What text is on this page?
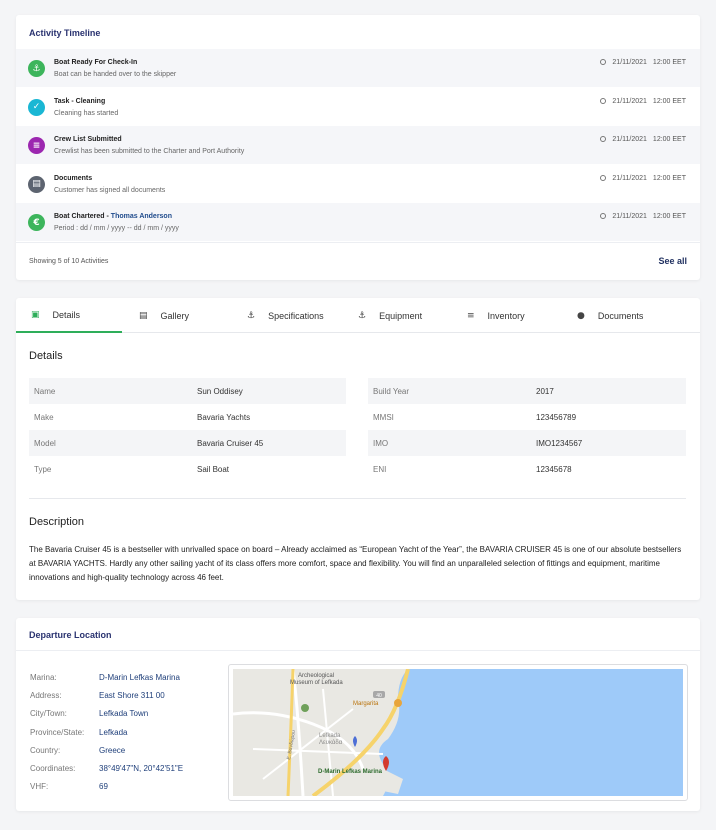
Activity Timeline
⚓
Boat Ready For Check-In
Boat can be handed over to the skipper
21/11/2021 12:00 EET
✓
Task - Cleaning
Cleaning has started
21/11/2021 12:00 EET
≡
Crew List Submitted
Crewlist has been submitted to the Charter and Port Authority
21/11/2021 12:00 EET
▤
Documents
Customer has signed all documents
21/11/2021 12:00 EET
€
Boat Chartered - Thomas Anderson
Period : dd / mm / yyyy -- dd / mm / yyyy
21/11/2021 12:00 EET
Showing 5 of 10 Activities	See all
▣ Details	▤ Gallery	⚓ Specifications	⚓ Equipment	≡ Inventory	● Documents
Details
Name	Sun Oddisey
Make	Bavaria Yachts
Model	Bavaria Cruiser 45
Type	Sail Boat
Build Year	2017
MMSI	123456789
IMO	IMO1234567
ENI	12345678
Description
The Bavaria Cruiser 45 is a bestseller with unrivalled space on board – Already acclaimed as “European Yacht of the Year”, the BAVARIA CRUISER 45 is one of our absolute bestsellers at BAVARIA YACHTS. Hardly any other sailing yacht of its class offers more comfort, space and flexibility. You will find an unparalleled selection of fittings and equipment, maritime innovations and high-quality technology across 46 feet.
Departure Location
Marina:	D-Marin Lefkas Marina
Address:	East Shore 311 00
City/Town:	Lefkada Town
Province/State: Lefkada
Country:	Greece
Coordinates:	38°49'47"N, 20°42'51"E
VHF:	69
40
Archeological
Museum of Lefkada
Margarita
Lefkada
Λευκάδα
Ε. Βανδώρου
D-Marin Lefkas Marina
